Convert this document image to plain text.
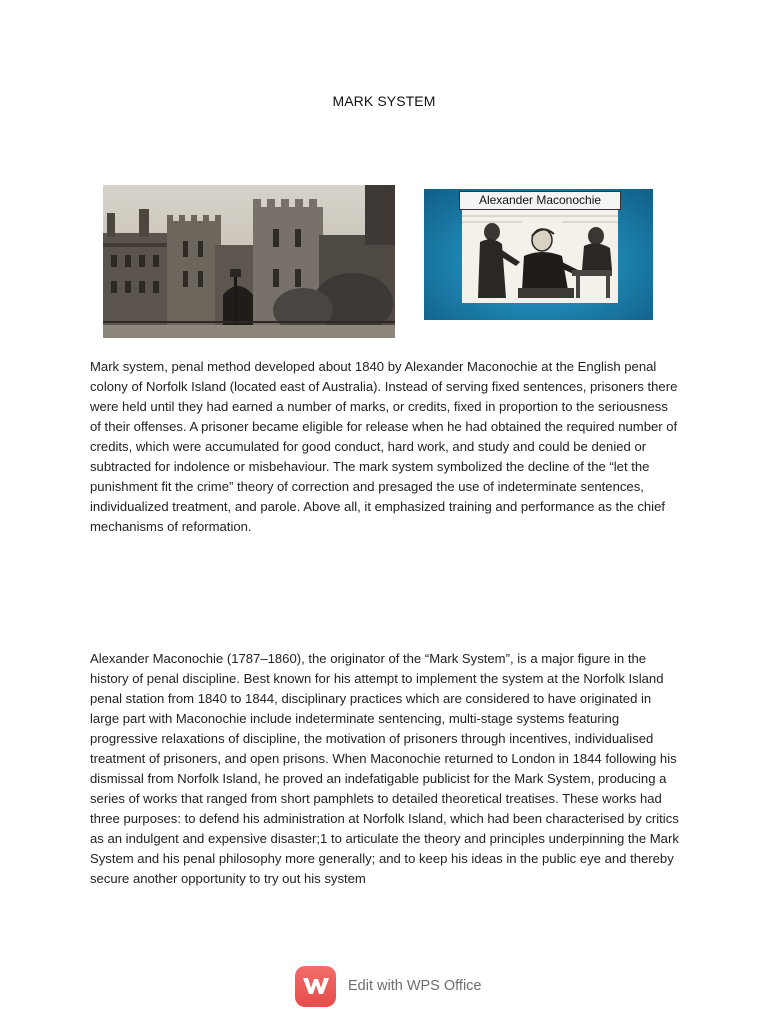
MARK SYSTEM
Alexander Maconochie

Mark system, penal method developed about 1840 by Alexander Maconochie at the English penal colony of Norfolk Island (located east of Australia). Instead of serving fixed sentences, prisoners there were held until they had earned a number of marks, or credits, fixed in proportion to the seriousness of their offenses. A prisoner became eligible for release when he had obtained the required number of credits, which were accumulated for good conduct, hard work, and study and could be denied or subtracted for indolence or misbehaviour. The mark system symbolized the decline of the “let the punishment fit the crime” theory of correction and presaged the use of indeterminate sentences, individualized treatment, and parole. Above all, it emphasized training and performance as the chief mechanisms of reformation.

Alexander Maconochie (1787–1860), the originator of the “Mark System”, is a major figure in the history of penal discipline. Best known for his attempt to implement the system at the Norfolk Island penal station from 1840 to 1844, disciplinary practices which are considered to have originated in large part with Maconochie include indeterminate sentencing, multi-stage systems featuring progressive relaxations of discipline, the motivation of prisoners through incentives, individualised treatment of prisoners, and open prisons. When Maconochie returned to London in 1844 following his dismissal from Norfolk Island, he proved an indefatigable publicist for the Mark System, producing a series of works that ranged from short pamphlets to detailed theoretical treatises. These works had three purposes: to defend his administration at Norfolk Island, which had been characterised by critics as an indulgent and expensive disaster;1 to articulate the theory and principles underpinning the Mark System and his penal philosophy more generally; and to keep his ideas in the public eye and thereby secure another opportunity to try out his system

Edit with WPS Office
